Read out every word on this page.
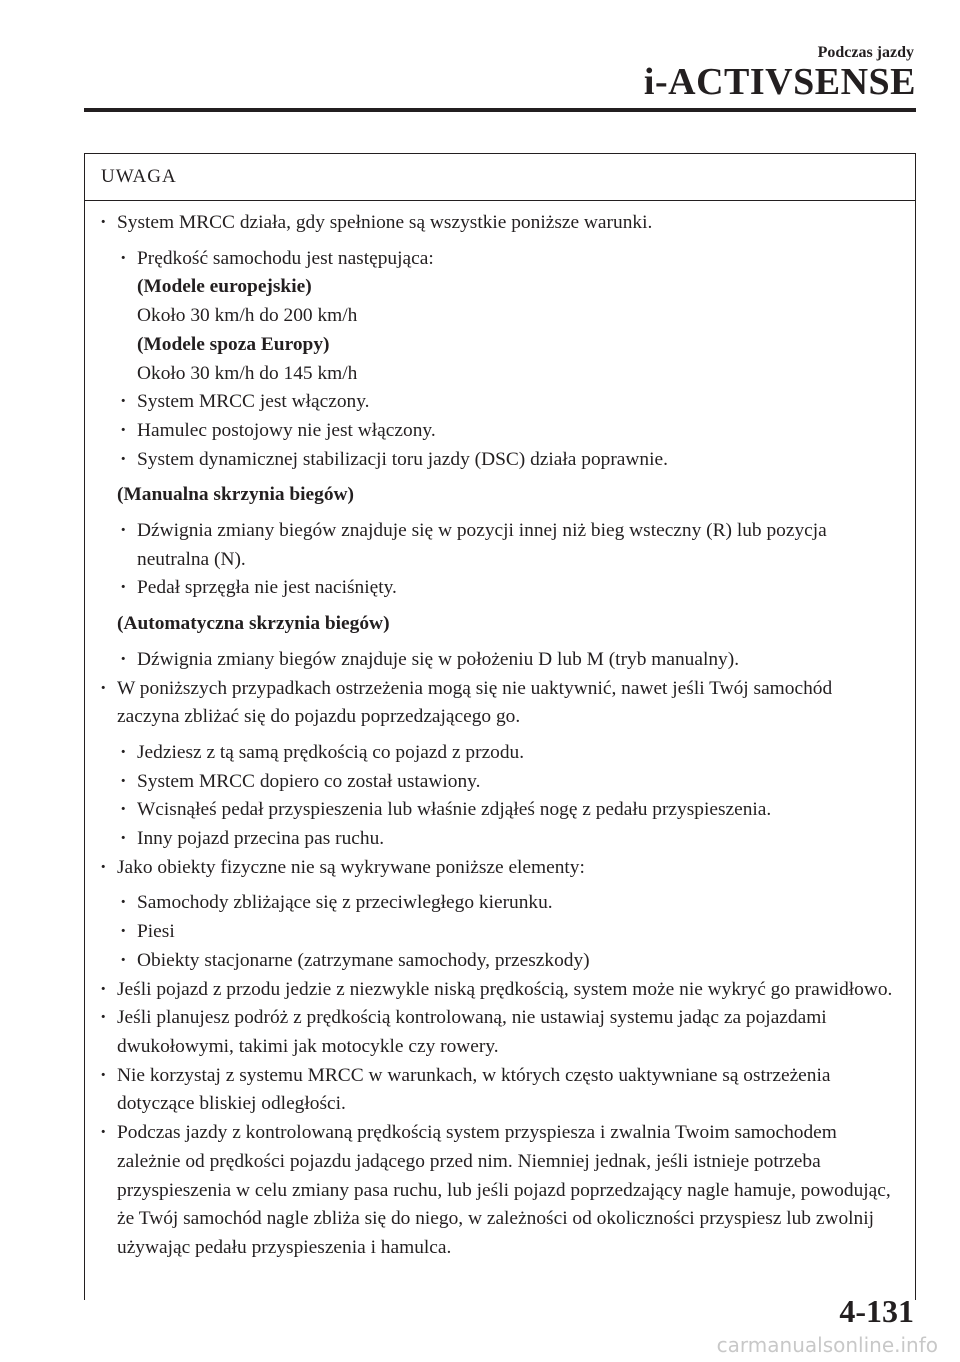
Podczas jazdy
i-ACTIVSENSE
UWAGA
· System MRCC działa, gdy spełnione są wszystkie poniższe warunki.
· Prędkość samochodu jest następująca:
(Modele europejskie)
Około 30 km/h do 200 km/h
(Modele spoza Europy)
Około 30 km/h do 145 km/h
· System MRCC jest włączony.
· Hamulec postojowy nie jest włączony.
· System dynamicznej stabilizacji toru jazdy (DSC) działa poprawnie.
(Manualna skrzynia biegów)
· Dźwignia zmiany biegów znajduje się w pozycji innej niż bieg wsteczny (R) lub pozycja neutralna (N).
· Pedał sprzęgła nie jest naciśnięty.
(Automatyczna skrzynia biegów)
· Dźwignia zmiany biegów znajduje się w położeniu D lub M (tryb manualny).
· W poniższych przypadkach ostrzeżenia mogą się nie uaktywnić, nawet jeśli Twój samochód zaczyna zbliżać się do pojazdu poprzedzającego go.
· Jedziesz z tą samą prędkością co pojazd z przodu.
· System MRCC dopiero co został ustawiony.
· Wcisnąłeś pedał przyspieszenia lub właśnie zdjąłeś nogę z pedału przyspieszenia.
· Inny pojazd przecina pas ruchu.
· Jako obiekty fizyczne nie są wykrywane poniższe elementy:
· Samochody zbliżające się z przeciwległego kierunku.
· Piesi
· Obiekty stacjonarne (zatrzymane samochody, przeszkody)
· Jeśli pojazd z przodu jedzie z niezwykle niską prędkością, system może nie wykryć go prawidłowo.
· Jeśli planujesz podróż z prędkością kontrolowaną, nie ustawiaj systemu jadąc za pojazdami dwukołowymi, takimi jak motocykle czy rowery.
· Nie korzystaj z systemu MRCC w warunkach, w których często uaktywniane są ostrzeżenia dotyczące bliskiej odległości.
· Podczas jazdy z kontrolowaną prędkością system przyspiesza i zwalnia Twoim samochodem zależnie od prędkości pojazdu jadącego przed nim. Niemniej jednak, jeśli istnieje potrzeba przyspieszenia w celu zmiany pasa ruchu, lub jeśli pojazd poprzedzający nagle hamuje, powodując, że Twój samochód nagle zbliża się do niego, w zależności od okoliczności przyspiesz lub zwolnij używając pedału przyspieszenia i hamulca.
4-131
carmanualsonline.info
